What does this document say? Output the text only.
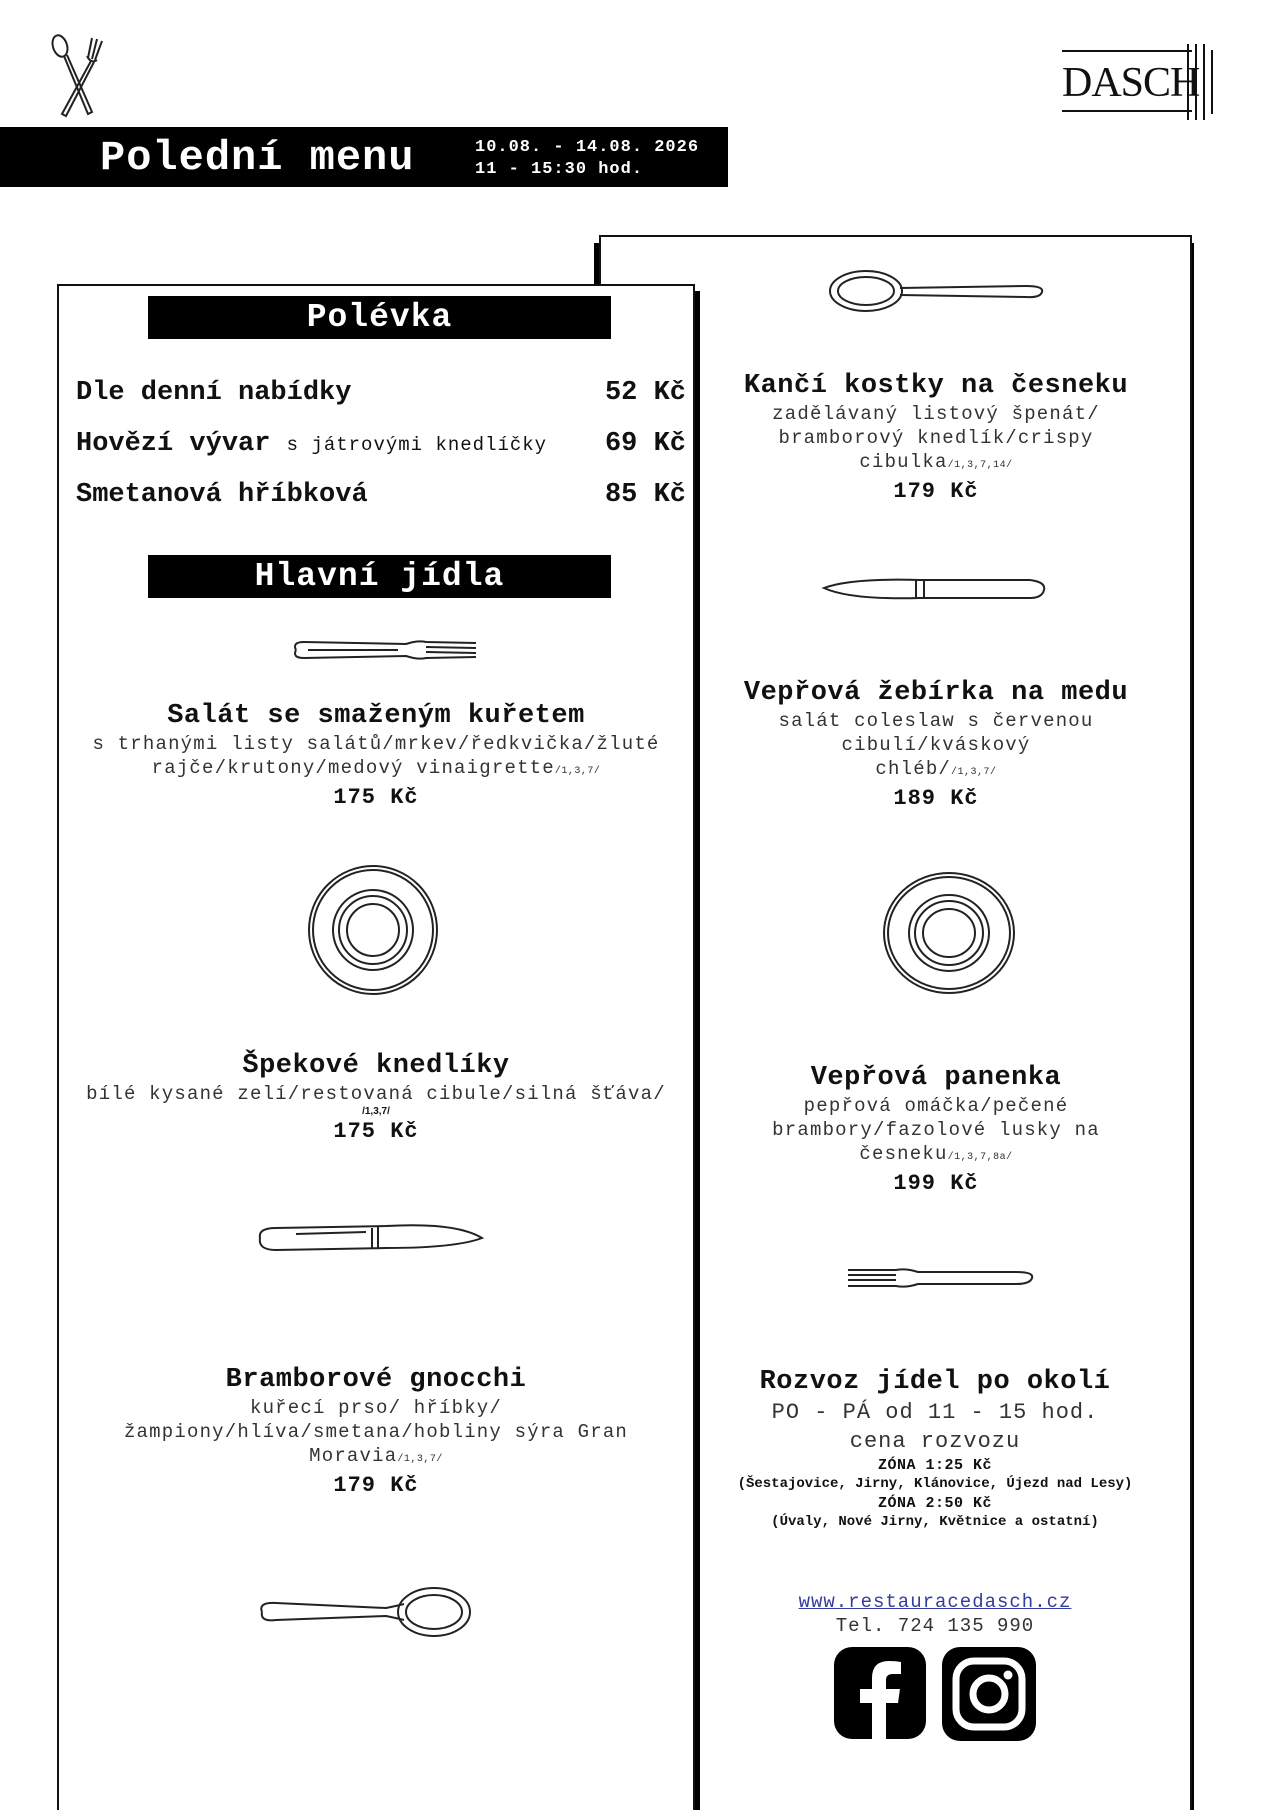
DASCH
Polední menu	10.08. - 14.08. 2026
11 - 15:30 hod.
Polévka
Dle denní nabídky	52 Kč
Hovězí vývar s játrovými knedlíčky 69 Kč
Smetanová hříbková	85 Kč
Hlavní jídla
Salát se smaženým kuřetem
s trhanými listy salátů/mrkev/ředkvička/žluté rajče/krutony/medový vinaigrette/1,3,7/
175 Kč
Špekové knedlíky
bílé kysané zelí/restovaná cibule/silná šťáva/
/1,3,7/
175 Kč
Bramborové gnocchi
kuřecí prso/ hříbky/žampiony/hlíva/smetana/hobliny sýra Gran Moravia/1,3,7/
179 Kč
Kančí kostky na česneku
zadělávaný listový špenát/ bramborový knedlík/crispy cibulka/1,3,7,14/
179 Kč
Vepřová žebírka na medu
salát coleslaw s červenou cibulí/kváskový chléb//1,3,7/
189 Kč
Vepřová panenka
pepřová omáčka/pečené brambory/fazolové lusky na česneku/1,3,7,8a/
199 Kč
Rozvoz jídel po okolí
PO - PÁ od 11 - 15 hod.
cena rozvozu
ZÓNA 1:25 Kč
(Šestajovice, Jirny, Klánovice, Újezd nad Lesy)
ZÓNA 2:50 Kč
(Úvaly, Nové Jirny, Květnice a ostatní)
www.restauracedasch.cz
Tel. 724 135 990
